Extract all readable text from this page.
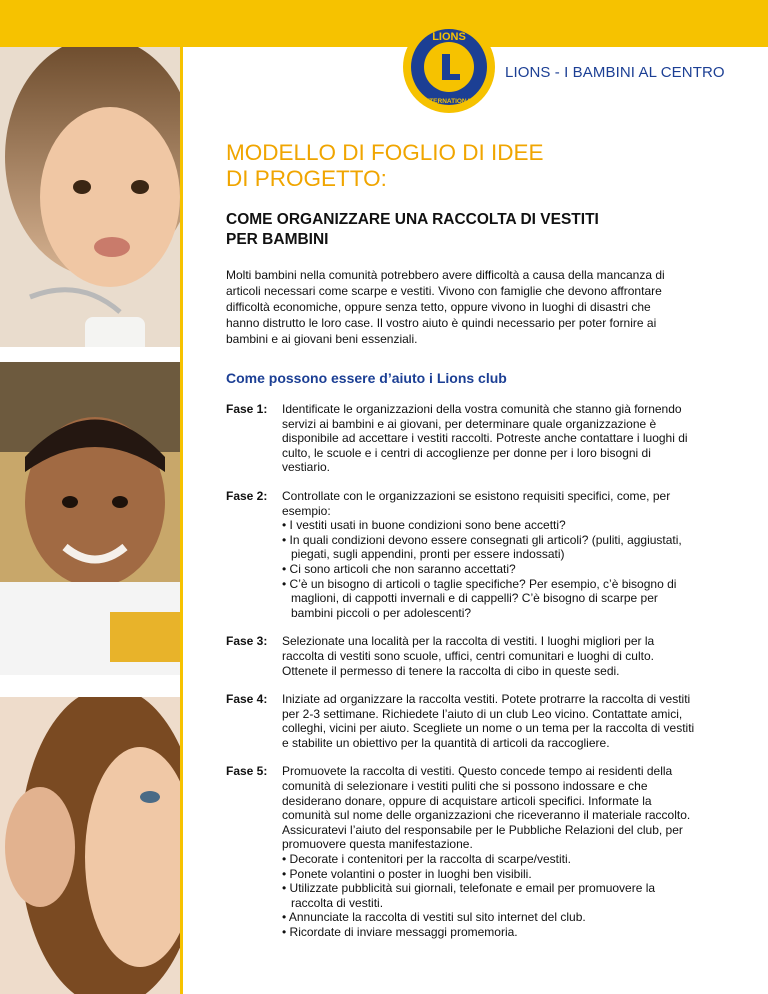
LIONS
INTERNATIONAL
LIONS - I BAMBINI AL CENTRO
MODELLO DI FOGLIO DI IDEE
DI PROGETTO:
COME ORGANIZZARE UNA RACCOLTA DI VESTITI
PER BAMBINI
Molti bambini nella comunità potrebbero avere difficoltà a causa della mancanza di articoli necessari come scarpe e vestiti. Vivono con famiglie che devono affrontare difficoltà economiche, oppure senza tetto, oppure vivono in luoghi di disastri che hanno distrutto le loro case. Il vostro aiuto è quindi necessario per poter fornire ai bambini e ai giovani beni essenziali.
Come possono essere d’aiuto i Lions club
Fase 1:	Identificate le organizzazioni della vostra comunità che stanno già fornendo servizi ai bambini e ai giovani, per determinare quale organizzazione è disponibile ad accettare i vestiti raccolti. Potreste anche contattare i luoghi di culto, le scuole e i centri di accoglienze per donne per i loro bisogni di vestiario.

Fase 2:	Controllate con le organizzazioni se esistono requisiti specifici, come, per esempio:

• I vestiti usati in buone condizioni sono bene accetti?

• In quali condizioni devono essere consegnati gli articoli? (puliti, aggiustati, piegati, sugli appendini, pronti per essere indossati)

• Ci sono articoli che non saranno accettati?

• C’è un bisogno di articoli o taglie specifiche? Per esempio, c’è bisogno di maglioni, di cappotti invernali e di cappelli? C’è bisogno di scarpe per bambini piccoli o per adolescenti?

Fase 3:	Selezionate una località per la raccolta di vestiti. I luoghi migliori per la raccolta di vestiti sono scuole, uffici, centri comunitari e luoghi di culto. Ottenete il permesso di tenere la raccolta di cibo in queste sedi.

Fase 4:	Iniziate ad organizzare la raccolta vestiti. Potete protrarre la raccolta di vestiti per 2-3 settimane. Richiedete l’aiuto di un club Leo vicino. Contattate amici, colleghi, vicini per aiuto. Scegliete un nome o un tema per la raccolta di vestiti e stabilite un obiettivo per la quantità di articoli da raccogliere.

Fase 5:	Promuovete la raccolta di vestiti. Questo concede tempo ai residenti della comunità di selezionare i vestiti puliti che si possono indossare e che desiderano donare, oppure di acquistare articoli specifici. Informate la comunità sul nome delle organizzazioni che riceveranno il materiale raccolto. Assicuratevi l’aiuto del responsabile per le Pubbliche Relazioni del club, per promuovere questa manifestazione.

• Decorate i contenitori per la raccolta di scarpe/vestiti.

• Ponete volantini o poster in luoghi ben visibili.

• Utilizzate pubblicità sui giornali, telefonate e email per promuovere la raccolta di vestiti.

• Annunciate la raccolta di vestiti sul sito internet del club.

• Ricordate di inviare messaggi promemoria.
